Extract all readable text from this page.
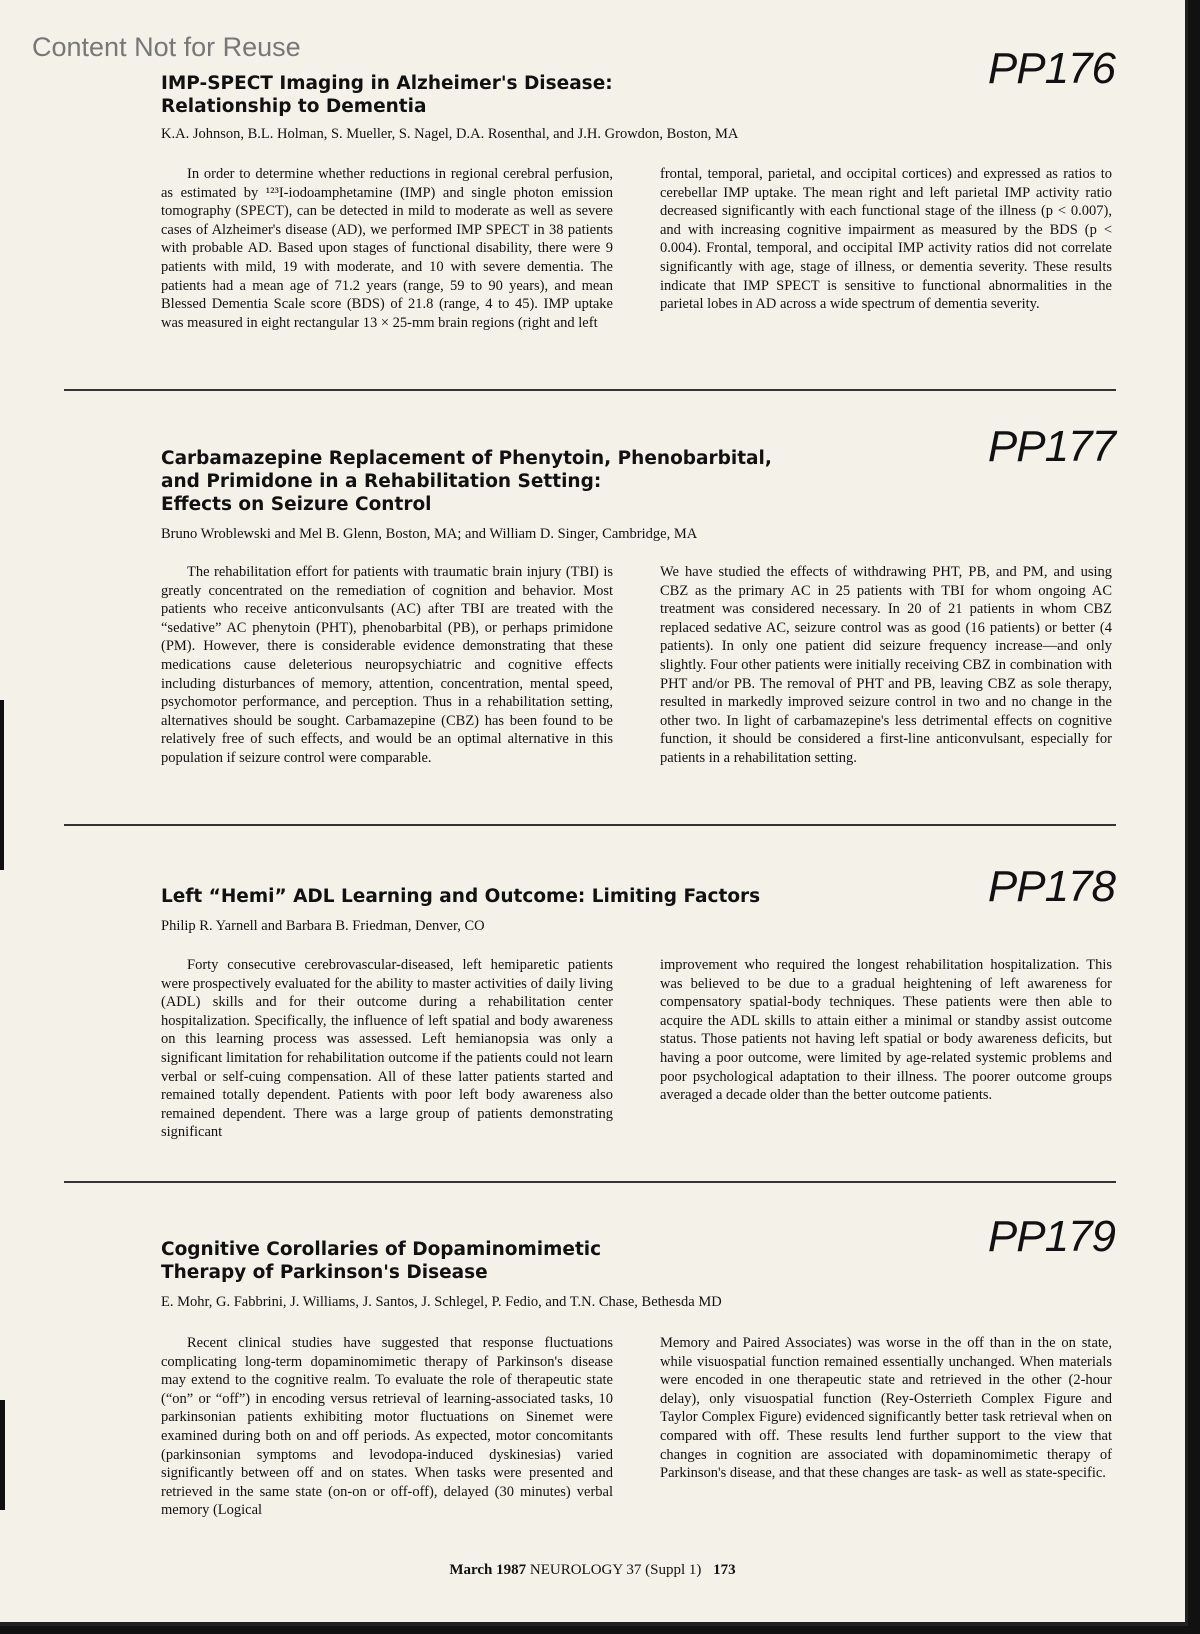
Content Not for Reuse	PP176
IMP-SPECT Imaging in Alzheimer's Disease:
Relationship to Dementia
K.A. Johnson, B.L. Holman, S. Mueller, S. Nagel, D.A. Rosenthal, and J.H. Growdon, Boston, MA

In order to determine whether reductions in regional cerebral perfusion, as estimated by ¹²³I-iodoamphetamine (IMP) and single photon emission tomography (SPECT), can be detected in mild to moderate as well as severe cases of Alzheimer's disease (AD), we performed IMP SPECT in 38 patients with probable AD. Based upon stages of functional disability, there were 9 patients with mild, 19 with moderate, and 10 with severe dementia. The patients had a mean age of 71.2 years (range, 59 to 90 years), and mean Blessed Dementia Scale score (BDS) of 21.8 (range, 4 to 45). IMP uptake was measured in eight rectangular 13 × 25-mm brain regions (right and left

frontal, temporal, parietal, and occipital cortices) and expressed as ratios to cerebellar IMP uptake. The mean right and left parietal IMP activity ratio decreased significantly with each functional stage of the illness (p < 0.007), and with increasing cognitive impairment as measured by the BDS (p < 0.004). Frontal, temporal, and occipital IMP activity ratios did not correlate significantly with age, stage of illness, or dementia severity. These results indicate that IMP SPECT is sensitive to functional abnormalities in the parietal lobes in AD across a wide spectrum of dementia severity.

PP177
Carbamazepine Replacement of Phenytoin, Phenobarbital,
and Primidone in a Rehabilitation Setting:
Effects on Seizure Control
Bruno Wroblewski and Mel B. Glenn, Boston, MA; and William D. Singer, Cambridge, MA

The rehabilitation effort for patients with traumatic brain injury (TBI) is greatly concentrated on the remediation of cognition and behavior. Most patients who receive anticonvulsants (AC) after TBI are treated with the “sedative” AC phenytoin (PHT), phenobarbital (PB), or perhaps primidone (PM). However, there is considerable evidence demonstrating that these medications cause deleterious neuropsychiatric and cognitive effects including disturbances of memory, attention, concentration, mental speed, psychomotor performance, and perception. Thus in a rehabilitation setting, alternatives should be sought. Carbamazepine (CBZ) has been found to be relatively free of such effects, and would be an optimal alternative in this population if seizure control were comparable.

We have studied the effects of withdrawing PHT, PB, and PM, and using CBZ as the primary AC in 25 patients with TBI for whom ongoing AC treatment was considered necessary. In 20 of 21 patients in whom CBZ replaced sedative AC, seizure control was as good (16 patients) or better (4 patients). In only one patient did seizure frequency increase—and only slightly. Four other patients were initially receiving CBZ in combination with PHT and/or PB. The removal of PHT and PB, leaving CBZ as sole therapy, resulted in markedly improved seizure control in two and no change in the other two. In light of carbamazepine's less detrimental effects on cognitive function, it should be considered a first-line anticonvulsant, especially for patients in a rehabilitation setting.

PP178
Left “Hemi” ADL Learning and Outcome: Limiting Factors
Philip R. Yarnell and Barbara B. Friedman, Denver, CO

Forty consecutive cerebrovascular-diseased, left hemiparetic patients were prospectively evaluated for the ability to master activities of daily living (ADL) skills and for their outcome during a rehabilitation center hospitalization. Specifically, the influence of left spatial and body awareness on this learning process was assessed. Left hemianopsia was only a significant limitation for rehabilitation outcome if the patients could not learn verbal or self-cuing compensation. All of these latter patients started and remained totally dependent. Patients with poor left body awareness also remained dependent. There was a large group of patients demonstrating significant

improvement who required the longest rehabilitation hospitalization. This was believed to be due to a gradual heightening of left awareness for compensatory spatial-body techniques. These patients were then able to acquire the ADL skills to attain either a minimal or standby assist outcome status. Those patients not having left spatial or body awareness deficits, but having a poor outcome, were limited by age-related systemic problems and poor psychological adaptation to their illness. The poorer outcome groups averaged a decade older than the better outcome patients.

PP179
Cognitive Corollaries of Dopaminomimetic
Therapy of Parkinson's Disease
E. Mohr, G. Fabbrini, J. Williams, J. Santos, J. Schlegel, P. Fedio, and T.N. Chase, Bethesda MD

Recent clinical studies have suggested that response fluctuations complicating long-term dopaminomimetic therapy of Parkinson's disease may extend to the cognitive realm. To evaluate the role of therapeutic state (“on” or “off”) in encoding versus retrieval of learning-associated tasks, 10 parkinsonian patients exhibiting motor fluctuations on Sinemet were examined during both on and off periods. As expected, motor concomitants (parkinsonian symptoms and levodopa-induced dyskinesias) varied significantly between off and on states. When tasks were presented and retrieved in the same state (on-on or off-off), delayed (30 minutes) verbal memory (Logical

Memory and Paired Associates) was worse in the off than in the on state, while visuospatial function remained essentially unchanged. When materials were encoded in one therapeutic state and retrieved in the other (2-hour delay), only visuospatial function (Rey-Osterrieth Complex Figure and Taylor Complex Figure) evidenced significantly better task retrieval when on compared with off. These results lend further support to the view that changes in cognition are associated with dopaminomimetic therapy of Parkinson's disease, and that these changes are task- as well as state-specific.

March 1987 NEUROLOGY 37 (Suppl 1) 173
